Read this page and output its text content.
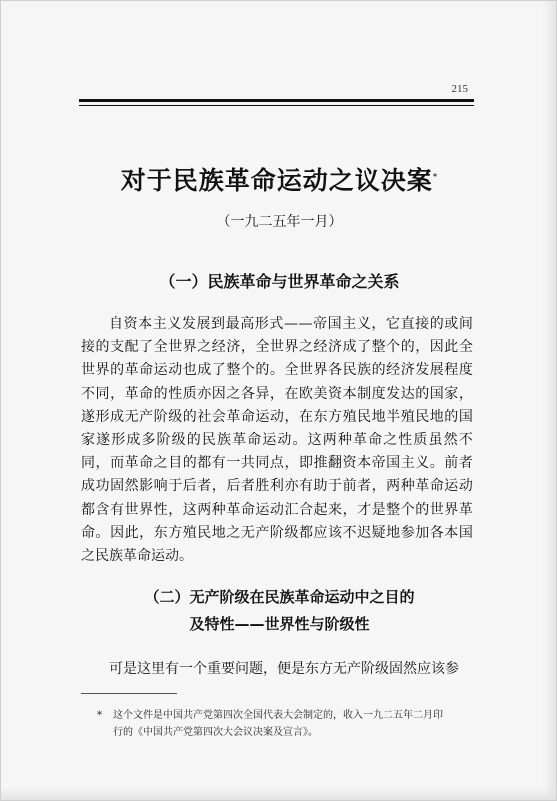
215
对于民族革命运动之议决案*
（一九二五年一月）
（一）民族革命与世界革命之关系
自 资 本 主 义 发 展 到 最 高 形 式 — — 帝 国 主 义 ， 它 直 接 的 或 间
接 的 支 配 了 全 世 界 之 经 济 ， 全 世 界 之 经 济 成 了 整 个 的 ， 因 此 全
世 界 的 革 命 运 动 也 成 了 整 个 的 。 全 世 界 各 民 族 的 经 济 发 展 程 度
不 同 ， 革 命 的 性 质 亦 因 之 各 异 ， 在 欧 美 资 本 制 度 发 达 的 国 家 ，
遂 形 成 无 产 阶 级 的 社 会 革 命 运 动 ， 在 东 方 殖 民 地 半 殖 民 地 的 国
家 遂 形 成 多 阶 级 的 民 族 革 命 运 动 。 这 两 种 革 命 之 性 质 虽 然 不
同 ， 而 革 命 之 目 的 都 有 一 共 同 点 ， 即 推 翻 资 本 帝 国 主 义 。 前 者
成 功 固 然 影 响 于 后 者 ， 后 者 胜 利 亦 有 助 于 前 者 ， 两 种 革 命 运 动
都 含 有 世 界 性 ， 这 两 种 革 命 运 动 汇 合 起 来 ， 才 是 整 个 的 世 界 革
命 。 因 此 ， 东 方 殖 民 地 之 无 产 阶 级 都 应 该 不 迟 疑 地 参 加 各 本 国
之民族革命运动。
（二）无产阶级在民族革命运动中之目的
及特性——世界性与阶级性
可是这里有一个重要问题，便是东方无产阶级固然应该参
*	这个文件是中国共产党第四次全国代表大会制定的，收入一九二五年二月印
行的《中国共产党第四次大会议决案及宣言》。
